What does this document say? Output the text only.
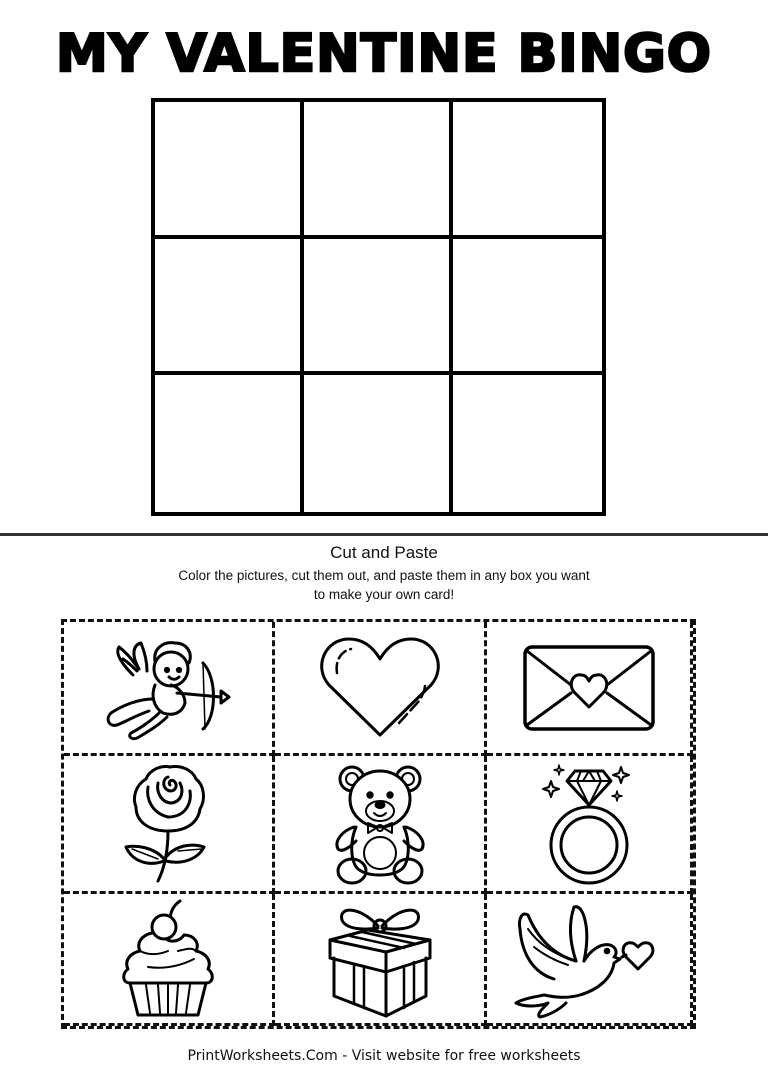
MY VALENTINE BINGO
Cut and Paste
Color the pictures, cut them out, and paste them in any box you want
to make your own card!
PrintWorksheets.Com - Visit website for free worksheets
